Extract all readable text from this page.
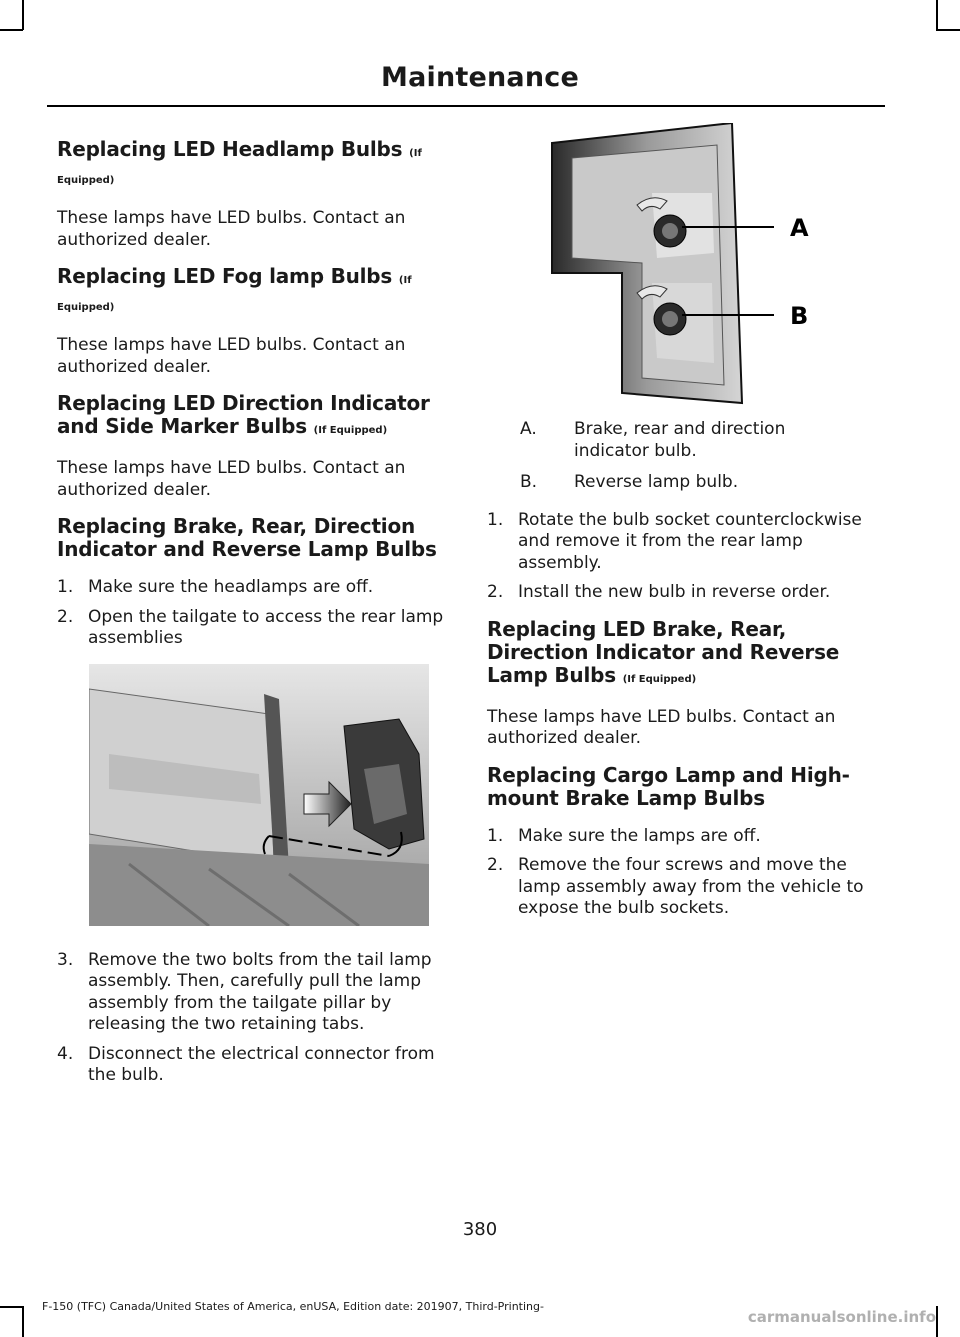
Maintenance
Replacing LED Headlamp Bulbs (If Equipped)

These lamps have LED bulbs. Contact an authorized dealer.

Replacing LED Fog lamp Bulbs (If Equipped)

These lamps have LED bulbs. Contact an authorized dealer.

Replacing LED Direction Indicator and Side Marker Bulbs (If Equipped)

These lamps have LED bulbs. Contact an authorized dealer.

Replacing Brake, Rear, Direction Indicator and Reverse Lamp Bulbs
1. Make sure the headlamps are off.
2. Open the tailgate to access the rear lamp assemblies
3. Remove the two bolts from the tail lamp assembly. Then, carefully pull the lamp assembly from the tailgate pillar by releasing the two retaining tabs.
4. Disconnect the electrical connector from the bulb.
A
B
A.	Brake, rear and direction indicator bulb.
B.	Reverse lamp bulb.
1. Rotate the bulb socket counterclockwise and remove it from the rear lamp assembly.
2. Install the new bulb in reverse order.
Replacing LED Brake, Rear, Direction Indicator and Reverse Lamp Bulbs (If Equipped)

These lamps have LED bulbs. Contact an authorized dealer.

Replacing Cargo Lamp and High-mount Brake Lamp Bulbs
1. Make sure the lamps are off.
2. Remove the four screws and move the lamp assembly away from the vehicle to expose the bulb sockets.
380
F-150 (TFC) Canada/United States of America, enUSA, Edition date: 201907, Third-Printing-
carmanualsonline.info
